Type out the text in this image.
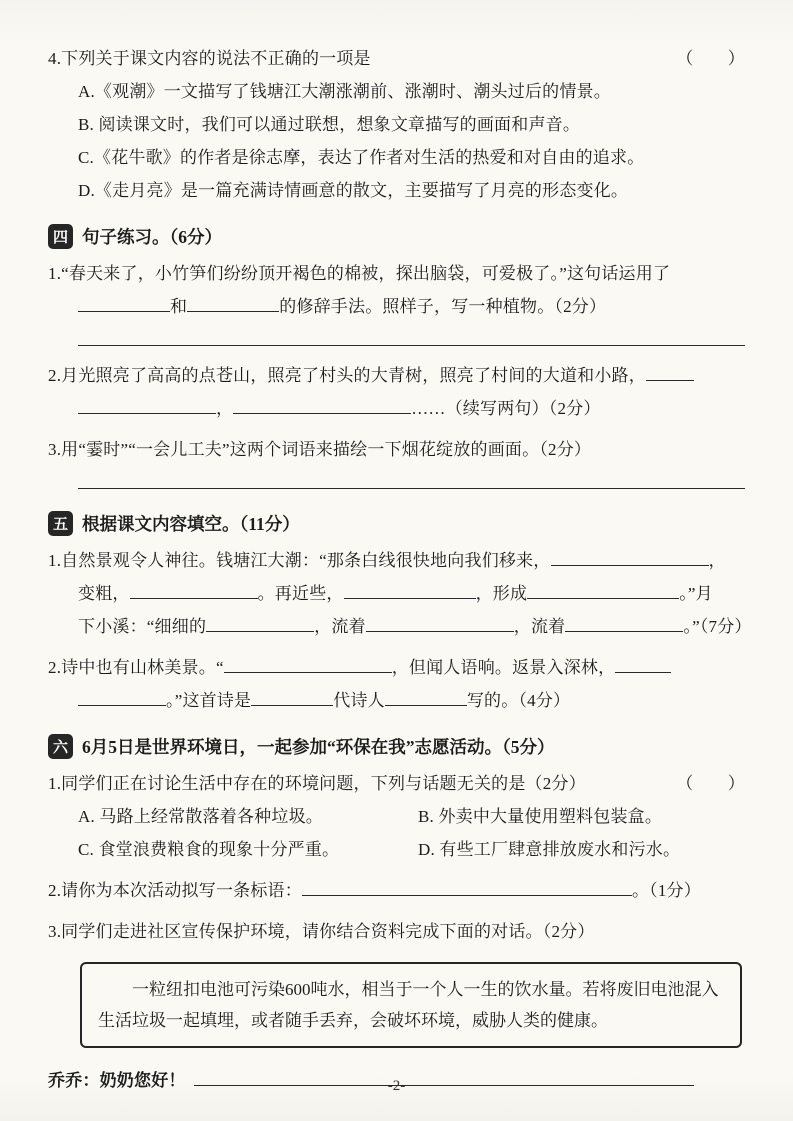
4.下列关于课文内容的说法不正确的一项是	（　　）
A.《观潮》一文描写了钱塘江大潮涨潮前、涨潮时、潮头过后的情景。
B. 阅读课文时，我们可以通过联想，想象文章描写的画面和声音。
C.《花牛歌》的作者是徐志摩，表达了作者对生活的热爱和对自由的追求。
D.《走月亮》是一篇充满诗情画意的散文，主要描写了月亮的形态变化。
四 句子练习。（6分）
1.“春天来了，小竹笋们纷纷顶开褐色的棉被，探出脑袋，可爱极了。”这句话运用了
和	的修辞手法。照样子，写一种植物。（2分）
2.月光照亮了高高的点苍山，照亮了村头的大青树，照亮了村间的大道和小路，
，	……（续写两句）（2分）
3.用“霎时”“一会儿工夫”这两个词语来描绘一下烟花绽放的画面。（2分）
五 根据课文内容填空。（11分）
1.自然景观令人神往。钱塘江大潮：“那条白线很快地向我们移来，	，
变粗，	。再近些，	，形成	。”月
下小溪：“细细的	，流着	，流着	。”（7分）
2.诗中也有山林美景。“	，但闻人语响。返景入深林，
。”这首诗是	代诗人	写的。（4分）
六 6月5日是世界环境日，一起参加“环保在我”志愿活动。（5分）
1.同学们正在讨论生活中存在的环境问题，下列与话题无关的是（2分）	（　　）
A. 马路上经常散落着各种垃圾。	B. 外卖中大量使用塑料包装盒。
C. 食堂浪费粮食的现象十分严重。	D. 有些工厂肆意排放废水和污水。
2.请你为本次活动拟写一条标语：	。（1分）
3.同学们走进社区宣传保护环境，请你结合资料完成下面的对话。（2分）
一粒纽扣电池可污染600吨水，相当于一个人一生的饮水量。若将废旧电池混入生活垃圾一起填埋，或者随手丢弃，会破坏环境，威胁人类的健康。
乔乔：奶奶您好！	-2-
